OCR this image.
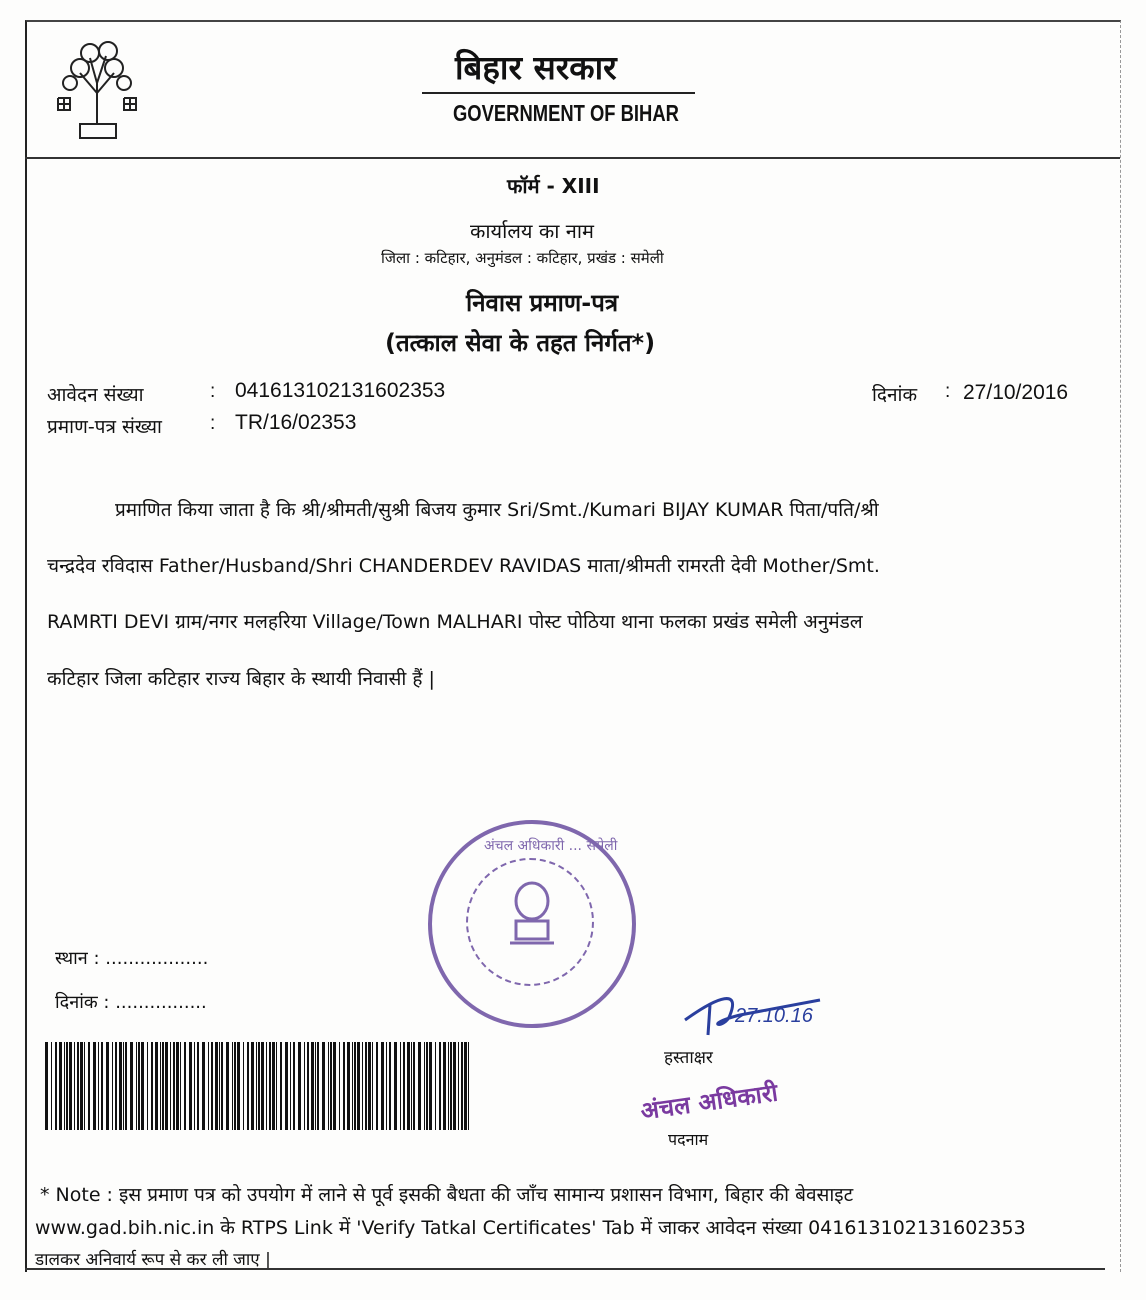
बिहार सरकार
GOVERNMENT OF BIHAR
फॉर्म - XIII
कार्यालय का नाम
जिला : कटिहार, अनुमंडल : कटिहार, प्रखंड : समेली
निवास प्रमाण-पत्र
(तत्काल सेवा के तहत निर्गत*)
आवेदन संख्या	: 041613102131602353
प्रमाण-पत्र संख्या	: TR/16/02353
दिनांक : 27/10/2016
प्रमाणित किया जाता है कि श्री/श्रीमती/सुश्री बिजय कुमार Sri/Smt./Kumari BIJAY KUMAR पिता/पति/श्री
चन्द्रदेव रविदास Father/Husband/Shri CHANDERDEV RAVIDAS माता/श्रीमती रामरती देवी Mother/Smt.
RAMRTI DEVI ग्राम/नगर मलहरिया Village/Town MALHARI पोस्ट पोठिया थाना फलका प्रखंड समेली अनुमंडल
कटिहार जिला कटिहार राज्य बिहार के स्थायी निवासी हैं |
अंचल अधिकारी ... समेली
स्थान : ..................
दिनांक : ................
27.10.16
हस्ताक्षर
अंचल अधिकारी
पदनाम
* Note : इस प्रमाण पत्र को उपयोग में लाने से पूर्व इसकी बैधता की जाँच सामान्य प्रशासन विभाग, बिहार की बेवसाइट
www.gad.bih.nic.in के RTPS Link में 'Verify Tatkal Certificates' Tab में जाकर आवेदन संख्या 041613102131602353
डालकर अनिवार्य रूप से कर ली जाए |
